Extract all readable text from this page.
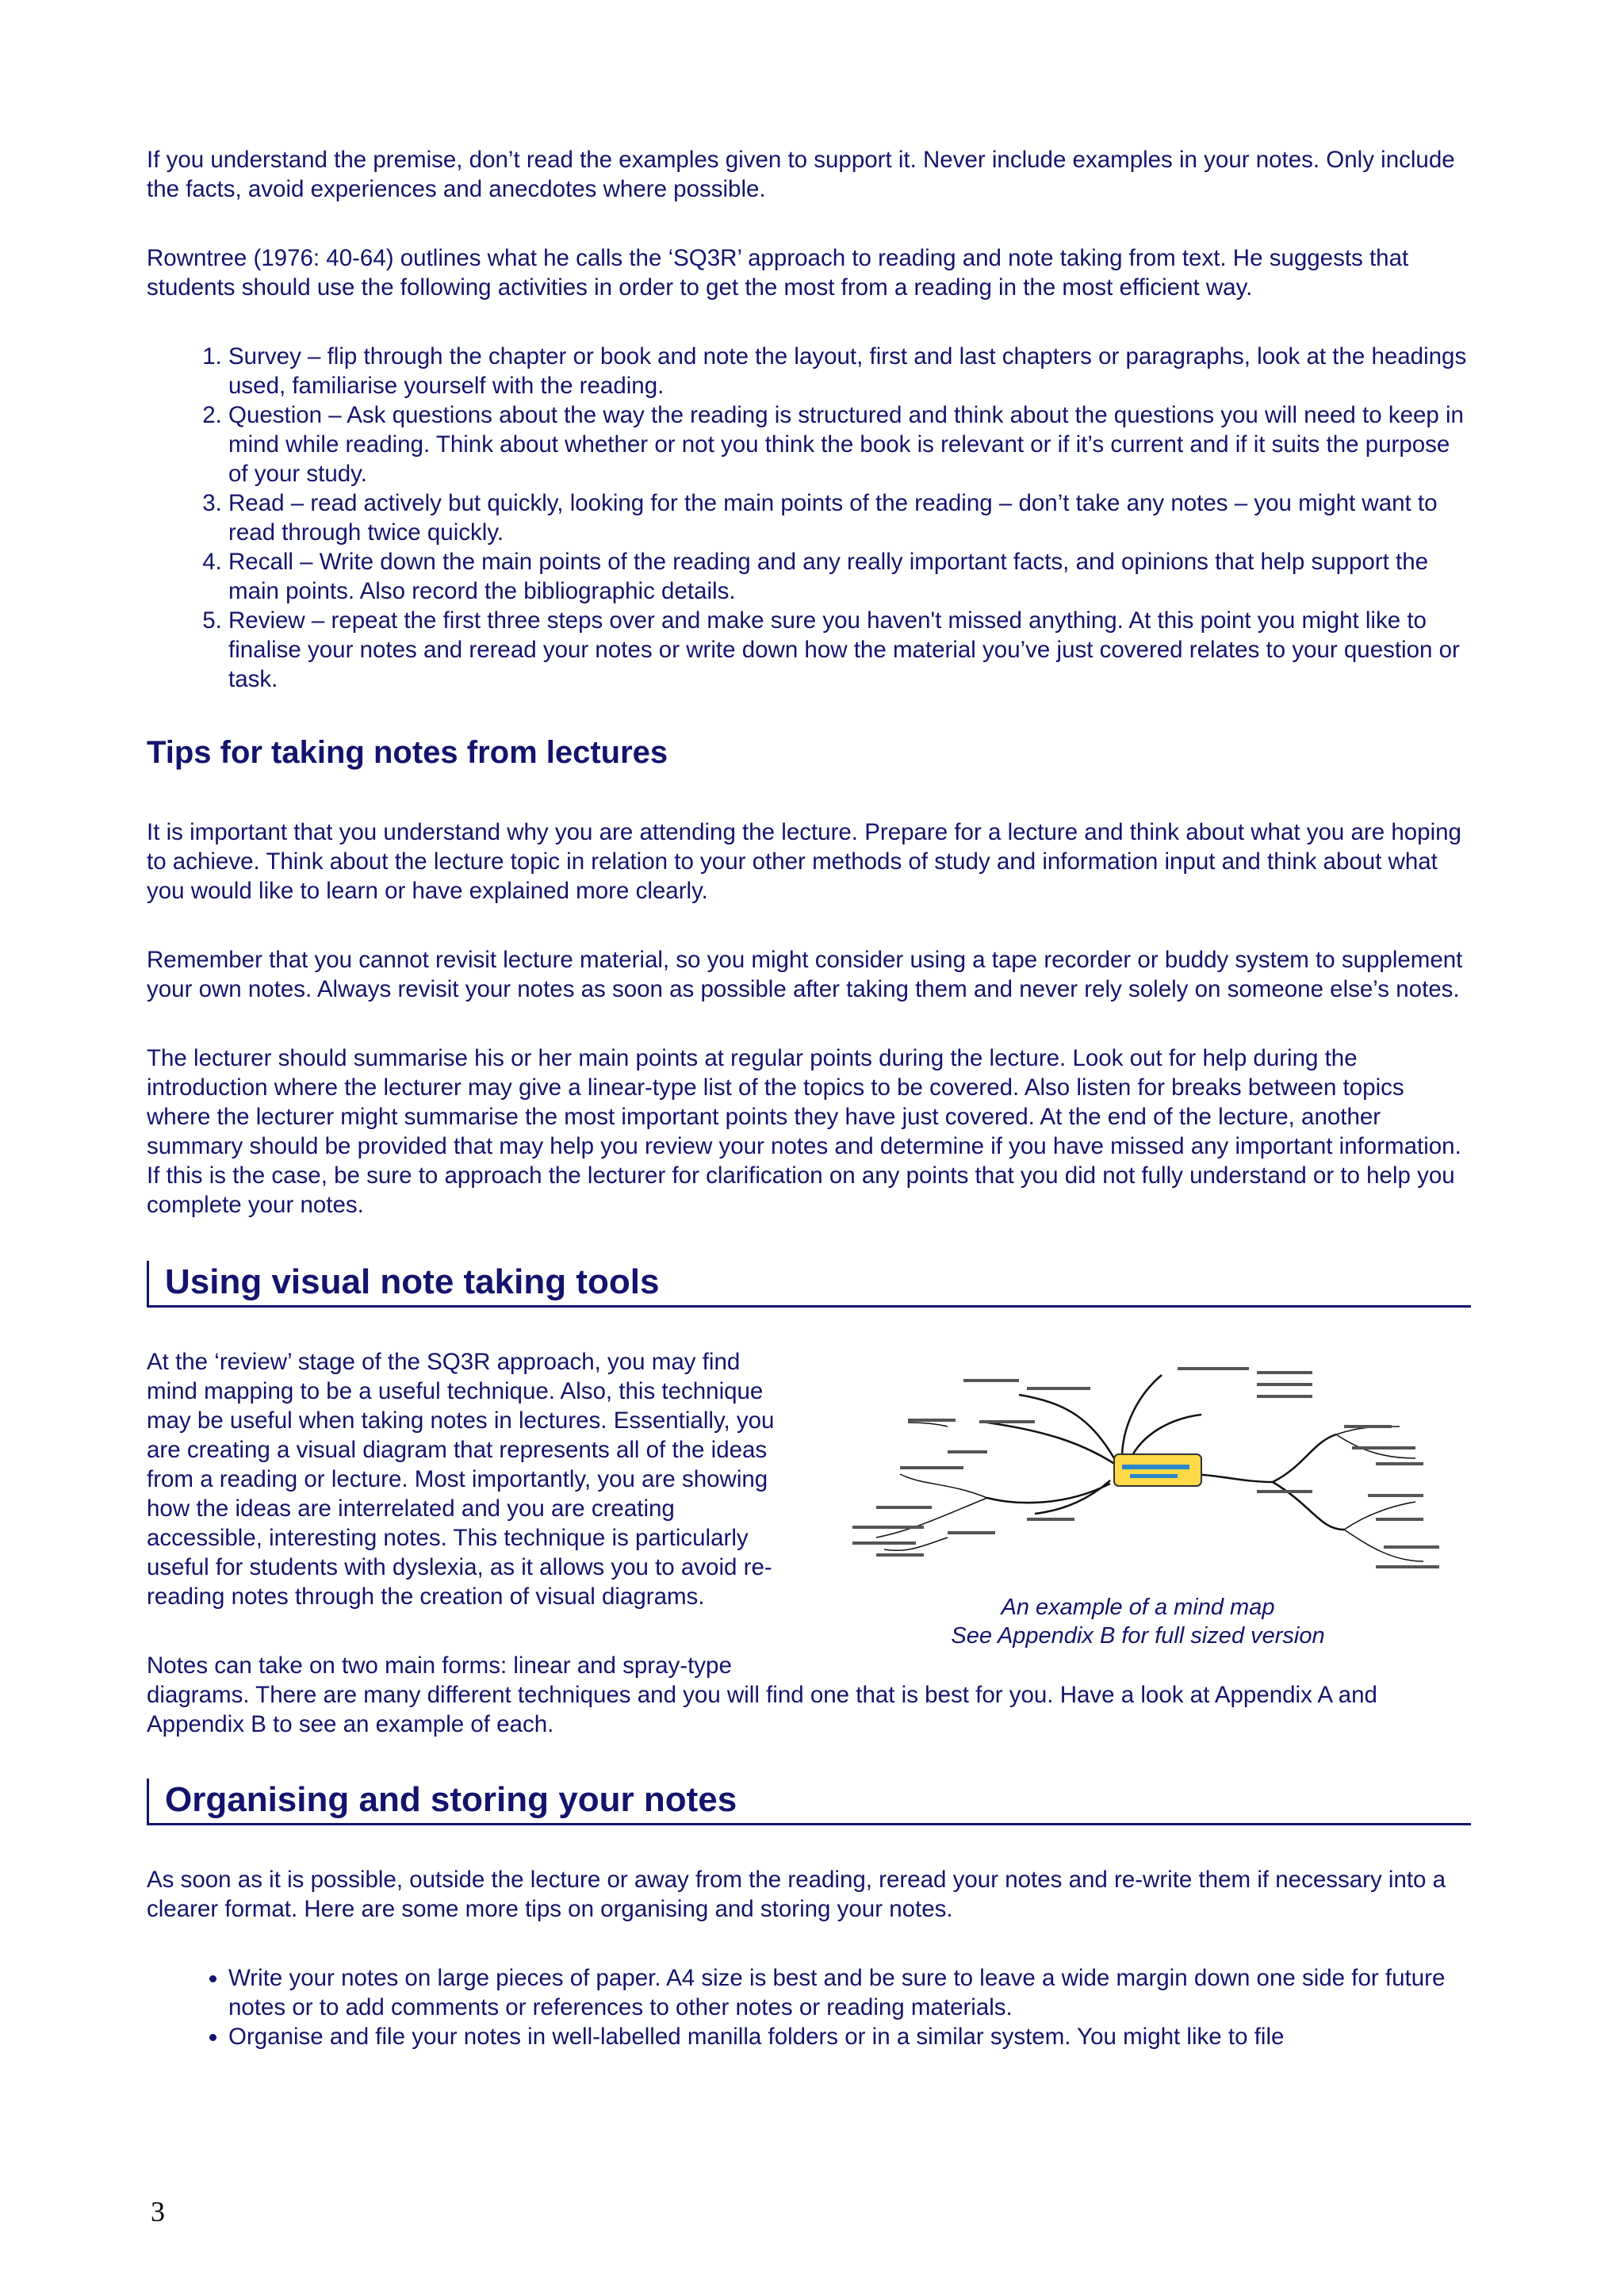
If you understand the premise, don’t read the examples given to support it. Never include examples in your notes. Only include the facts, avoid experiences and anecdotes where possible.

Rowntree (1976: 40-64) outlines what he calls the ‘SQ3R’ approach to reading and note taking from text. He suggests that students should use the following activities in order to get the most from a reading in the most efficient way.

1. Survey – flip through the chapter or book and note the layout, first and last chapters or paragraphs, look at the headings used, familiarise yourself with the reading.
2. Question – Ask questions about the way the reading is structured and think about the questions you will need to keep in mind while reading. Think about whether or not you think the book is relevant or if it’s current and if it suits the purpose of your study.
3. Read – read actively but quickly, looking for the main points of the reading – don’t take any notes – you might want to read through twice quickly.
4. Recall – Write down the main points of the reading and any really important facts, and opinions that help support the main points. Also record the bibliographic details.
5. Review – repeat the first three steps over and make sure you haven't missed anything. At this point you might like to finalise your notes and reread your notes or write down how the material you’ve just covered relates to your question or task.
Tips for taking notes from lectures

It is important that you understand why you are attending the lecture. Prepare for a lecture and think about what you are hoping to achieve. Think about the lecture topic in relation to your other methods of study and information input and think about what you would like to learn or have explained more clearly.

Remember that you cannot revisit lecture material, so you might consider using a tape recorder or buddy system to supplement your own notes. Always revisit your notes as soon as possible after taking them and never rely solely on someone else’s notes.

The lecturer should summarise his or her main points at regular points during the lecture. Look out for help during the introduction where the lecturer may give a linear-type list of the topics to be covered. Also listen for breaks between topics where the lecturer might summarise the most important points they have just covered. At the end of the lecture, another summary should be provided that may help you review your notes and determine if you have missed any important information. If this is the case, be sure to approach the lecturer for clarification on any points that you did not fully understand or to help you complete your notes.

Using visual note taking tools
An example of a mind map
See Appendix B for full sized version

At the ‘review’ stage of the SQ3R approach, you may find mind mapping to be a useful technique. Also, this technique may be useful when taking notes in lectures. Essentially, you are creating a visual diagram that represents all of the ideas from a reading or lecture. Most importantly, you are showing how the ideas are interrelated and you are creating accessible, interesting notes. This technique is particularly useful for students with dyslexia, as it allows you to avoid re-reading notes through the creation of visual diagrams.

Notes can take on two main forms: linear and spray-type diagrams. There are many different techniques and you will find one that is best for you. Have a look at Appendix A and Appendix B to see an example of each.

Organising and storing your notes

As soon as it is possible, outside the lecture or away from the reading, reread your notes and re-write them if necessary into a clearer format. Here are some more tips on organising and storing your notes.

• Write your notes on large pieces of paper. A4 size is best and be sure to leave a wide margin down one side for future notes or to add comments or references to other notes or reading materials.
• Organise and file your notes in well-labelled manilla folders or in a similar system. You might like to file
3
